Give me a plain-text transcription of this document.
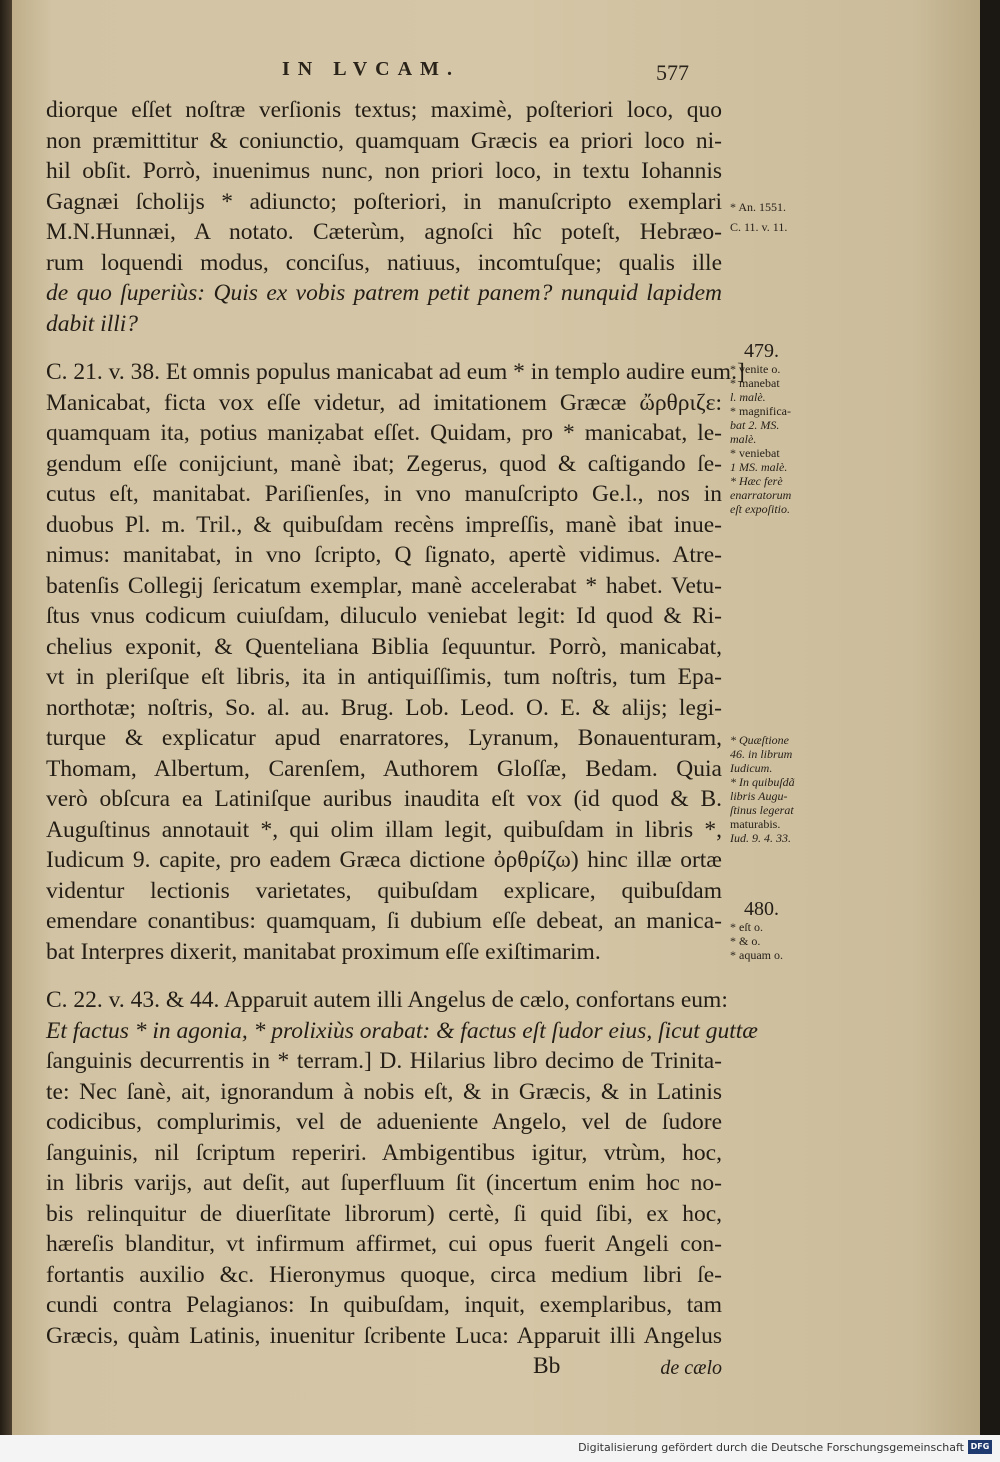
IN LVCAM.	577
diorque eſſet noſtræ verſionis textus; maximè, poſteriori loco, quo
non præmittitur & coniunctio, quamquam Græcis ea priori loco ni-
hil obſit. Porrò, inuenimus nunc, non priori loco, in textu Iohannis
Gagnæi ſcholijs * adiuncto; poſteriori, in manuſcripto exemplari
M.N.Hunnæi, A notato. Cæterùm, agnoſci hîc poteſt, Hebræo-
rum loquendi modus, conciſus, natiuus, incomtuſque; qualis ille
de quo ſuperiùs: Quis ex vobis patrem petit panem? nunquid lapidem
dabit illi?
C. 21. v. 38. Et omnis populus manicabat ad eum * in templo audire eum.]
Manicabat, ficta vox eſſe videtur, ad imitationem Græcæ ὤρθριζε:
quamquam ita, potius maniẓabat eſſet. Quidam, pro * manicabat, le-
gendum eſſe conijciunt, manè ibat; Zegerus, quod & caſtigando ſe-
cutus eſt, manitabat. Pariſienſes, in vno manuſcripto Ge.l., nos in
duobus Pl. m. Tril., & quibuſdam recèns impreſſis, manè ibat inue-
nimus: manitabat, in vno ſcripto, Q ſignato, apertè vidimus. Atre-
batenſis Collegij ſericatum exemplar, manè accelerabat * habet. Vetu-
ſtus vnus codicum cuiuſdam, diluculo veniebat legit: Id quod & Ri-
chelius exponit, & Quenteliana Biblia ſequuntur. Porrò, manicabat,
vt in pleriſque eſt libris, ita in antiquiſſimis, tum noſtris, tum Epa-
northotæ; noſtris, So. al. au. Brug. Lob. Leod. O. E. & alijs; legi-
turque & explicatur apud enarratores, Lyranum, Bonauenturam,
Thomam, Albertum, Carenſem, Authorem Gloſſæ, Bedam. Quia
verò obſcura ea Latiniſque auribus inaudita eſt vox (id quod & B.
Auguſtinus annotauit *, qui olim illam legit, quibuſdam in libris *,
Iudicum 9. capite, pro eadem Græca dictione ὀρθρίζω) hinc illæ ortæ
videntur lectionis varietates, quibuſdam explicare, quibuſdam
emendare conantibus: quamquam, ſi dubium eſſe debeat, an manica-
bat Interpres dixerit, manitabat proximum eſſe exiſtimarim.
C. 22. v. 43. & 44. Apparuit autem illi Angelus de cælo, confortans eum:
Et factus * in agonia, * prolixiùs orabat: & factus eſt ſudor eius, ſicut guttæ
ſanguinis decurrentis in * terram.] D. Hilarius libro decimo de Trinita-
te: Nec ſanè, ait, ignorandum à nobis eſt, & in Græcis, & in Latinis
codicibus, complurimis, vel de adueniente Angelo, vel de ſudore
ſanguinis, nil ſcriptum reperiri. Ambigentibus igitur, vtrùm, hoc,
in libris varijs, aut deſit, aut ſuperfluum ſit (incertum enim hoc no-
bis relinquitur de diuerſitate librorum) certè, ſi quid ſibi, ex hoc,
hæreſis blanditur, vt infirmum affirmet, cui opus fuerit Angeli con-
fortantis auxilio &c. Hieronymus quoque, circa medium libri ſe-
cundi contra Pelagianos: In quibuſdam, inquit, exemplaribus, tam
Græcis, quàm Latinis, inuenitur ſcribente Luca: Apparuit illi Angelus
Bb	de cælo
* An. 1551.
C. 11. v. 11.
479.
* venite o.
* manebat
l. malè.
* magnifica-
bat 2. MS.
malè.
* veniebat
1 MS. malè.
* Hæc ferè
enarratorum
eſt expoſitio.
* Quæſtione
46. in librum
Iudicum.
* In quibuſdã
libris Augu-
ſtinus legerat
maturabis.
Iud. 9. 4. 33.
480.
* eſt o.
* & o.
* aquam o.
Digitalisierung gefördert durch die Deutsche Forschungsgemeinschaft DFG
